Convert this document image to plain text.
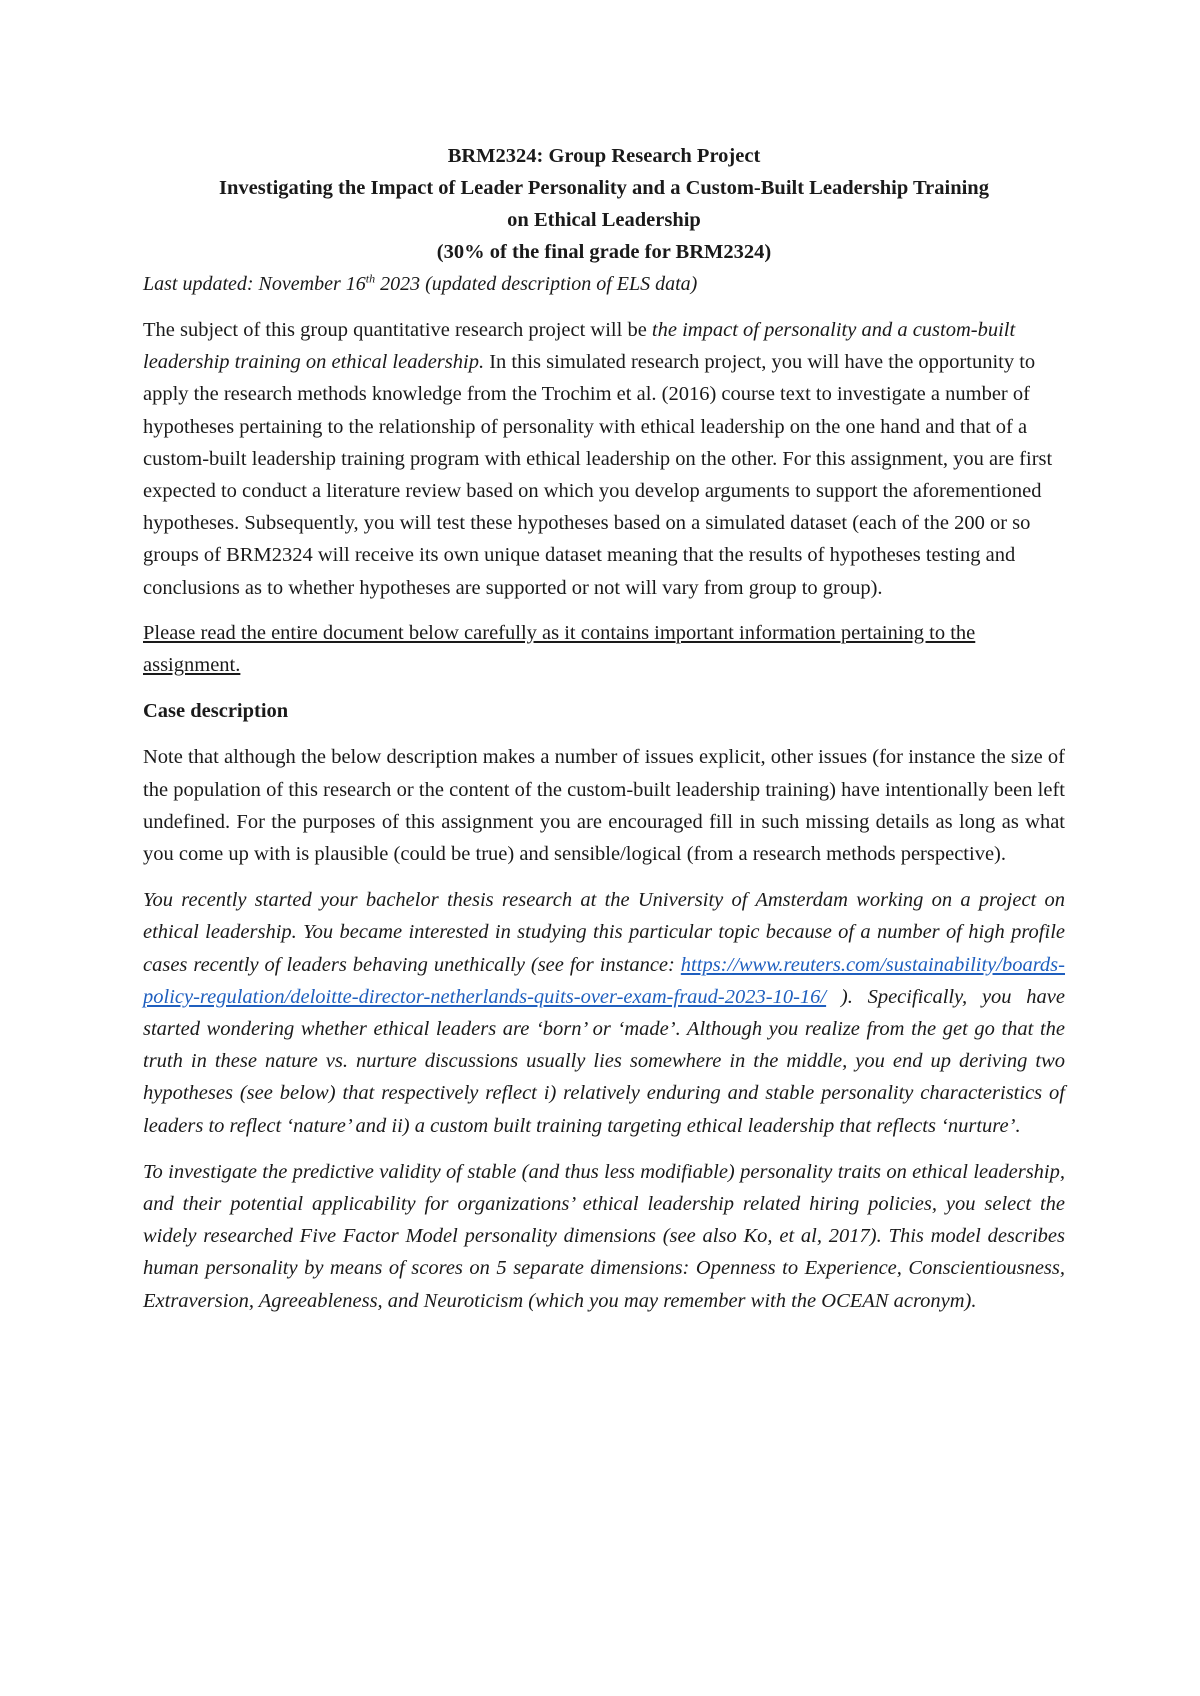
BRM2324: Group Research Project
Investigating the Impact of Leader Personality and a Custom-Built Leadership Training
on Ethical Leadership
(30% of the final grade for BRM2324)
Last updated: November 16th 2023 (updated description of ELS data)

The subject of this group quantitative research project will be the impact of personality and a custom-built leadership training on ethical leadership. In this simulated research project, you will have the opportunity to apply the research methods knowledge from the Trochim et al. (2016) course text to investigate a number of hypotheses pertaining to the relationship of personality with ethical leadership on the one hand and that of a custom-built leadership training program with ethical leadership on the other. For this assignment, you are first expected to conduct a literature review based on which you develop arguments to support the aforementioned hypotheses. Subsequently, you will test these hypotheses based on a simulated dataset (each of the 200 or so groups of BRM2324 will receive its own unique dataset meaning that the results of hypotheses testing and conclusions as to whether hypotheses are supported or not will vary from group to group).

Please read the entire document below carefully as it contains important information pertaining to the assignment.

Case description

Note that although the below description makes a number of issues explicit, other issues (for instance the size of the population of this research or the content of the custom-built leadership training) have intentionally been left undefined. For the purposes of this assignment you are encouraged fill in such missing details as long as what you come up with is plausible (could be true) and sensible/logical (from a research methods perspective).

You recently started your bachelor thesis research at the University of Amsterdam working on a project on ethical leadership. You became interested in studying this particular topic because of a number of high profile cases recently of leaders behaving unethically (see for instance: https://www.reuters.com/sustainability/boards-policy-regulation/deloitte-director-netherlands-quits-over-exam-fraud-2023-10-16/ ). Specifically, you have started wondering whether ethical leaders are ‘born’ or ‘made’. Although you realize from the get go that the truth in these nature vs. nurture discussions usually lies somewhere in the middle, you end up deriving two hypotheses (see below) that respectively reflect i) relatively enduring and stable personality characteristics of leaders to reflect ‘nature’ and ii) a custom built training targeting ethical leadership that reflects ‘nurture’.

To investigate the predictive validity of stable (and thus less modifiable) personality traits on ethical leadership, and their potential applicability for organizations’ ethical leadership related hiring policies, you select the widely researched Five Factor Model personality dimensions (see also Ko, et al, 2017). This model describes human personality by means of scores on 5 separate dimensions: Openness to Experience, Conscientiousness, Extraversion, Agreeableness, and Neuroticism (which you may remember with the OCEAN acronym).
